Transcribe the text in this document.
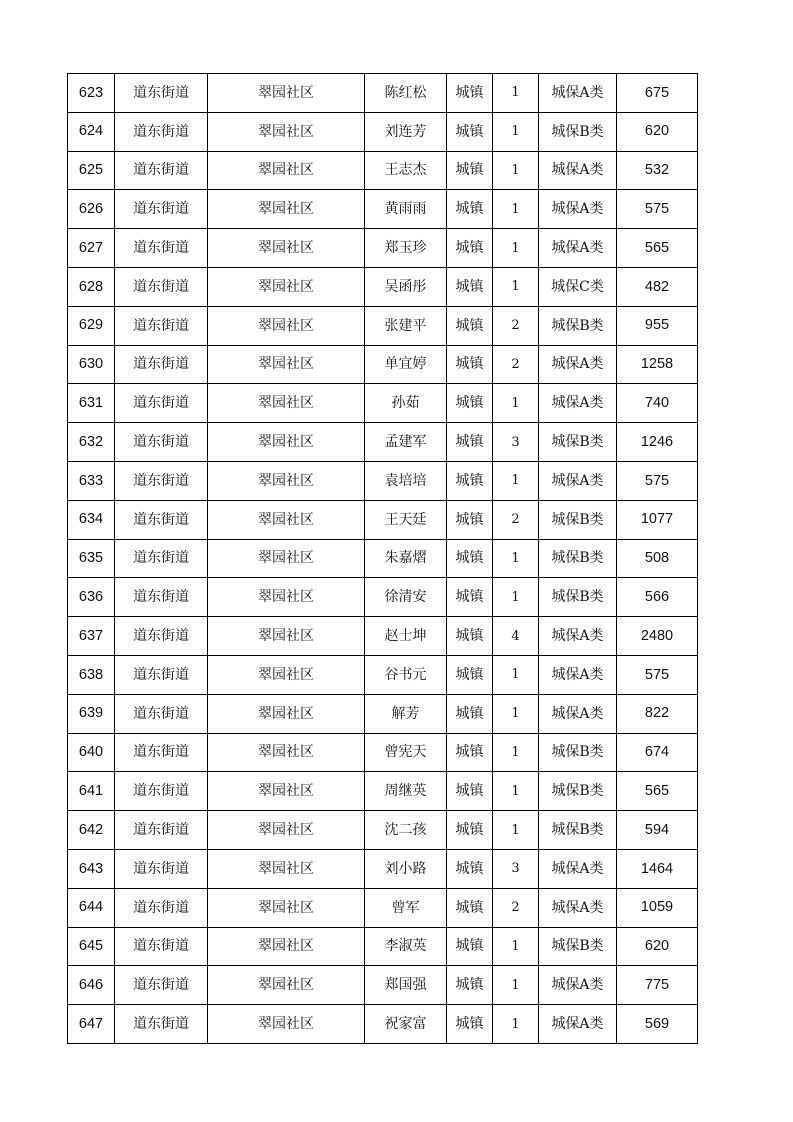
623	道东街道	翠园社区	陈红松	城镇	1	城保A类	675
624	道东街道	翠园社区	刘连芳	城镇	1	城保B类	620
625	道东街道	翠园社区	王志杰	城镇	1	城保A类	532
626	道东街道	翠园社区	黄雨雨	城镇	1	城保A类	575
627	道东街道	翠园社区	郑玉珍	城镇	1	城保A类	565
628	道东街道	翠园社区	吴函彤	城镇	1	城保C类	482
629	道东街道	翠园社区	张建平	城镇	2	城保B类	955
630	道东街道	翠园社区	单宜婷	城镇	2	城保A类	1258
631	道东街道	翠园社区	孙茹	城镇	1	城保A类	740
632	道东街道	翠园社区	孟建军	城镇	3	城保B类	1246
633	道东街道	翠园社区	袁培培	城镇	1	城保A类	575
634	道东街道	翠园社区	王天廷	城镇	2	城保B类	1077
635	道东街道	翠园社区	朱嘉熠	城镇	1	城保B类	508
636	道东街道	翠园社区	徐清安	城镇	1	城保B类	566
637	道东街道	翠园社区	赵士坤	城镇	4	城保A类	2480
638	道东街道	翠园社区	谷书元	城镇	1	城保A类	575
639	道东街道	翠园社区	解芳	城镇	1	城保A类	822
640	道东街道	翠园社区	曾宪天	城镇	1	城保B类	674
641	道东街道	翠园社区	周继英	城镇	1	城保B类	565
642	道东街道	翠园社区	沈二孩	城镇	1	城保B类	594
643	道东街道	翠园社区	刘小路	城镇	3	城保A类	1464
644	道东街道	翠园社区	曾军	城镇	2	城保A类	1059
645	道东街道	翠园社区	李淑英	城镇	1	城保B类	620
646	道东街道	翠园社区	郑国强	城镇	1	城保A类	775
647	道东街道	翠园社区	祝家富	城镇	1	城保A类	569
